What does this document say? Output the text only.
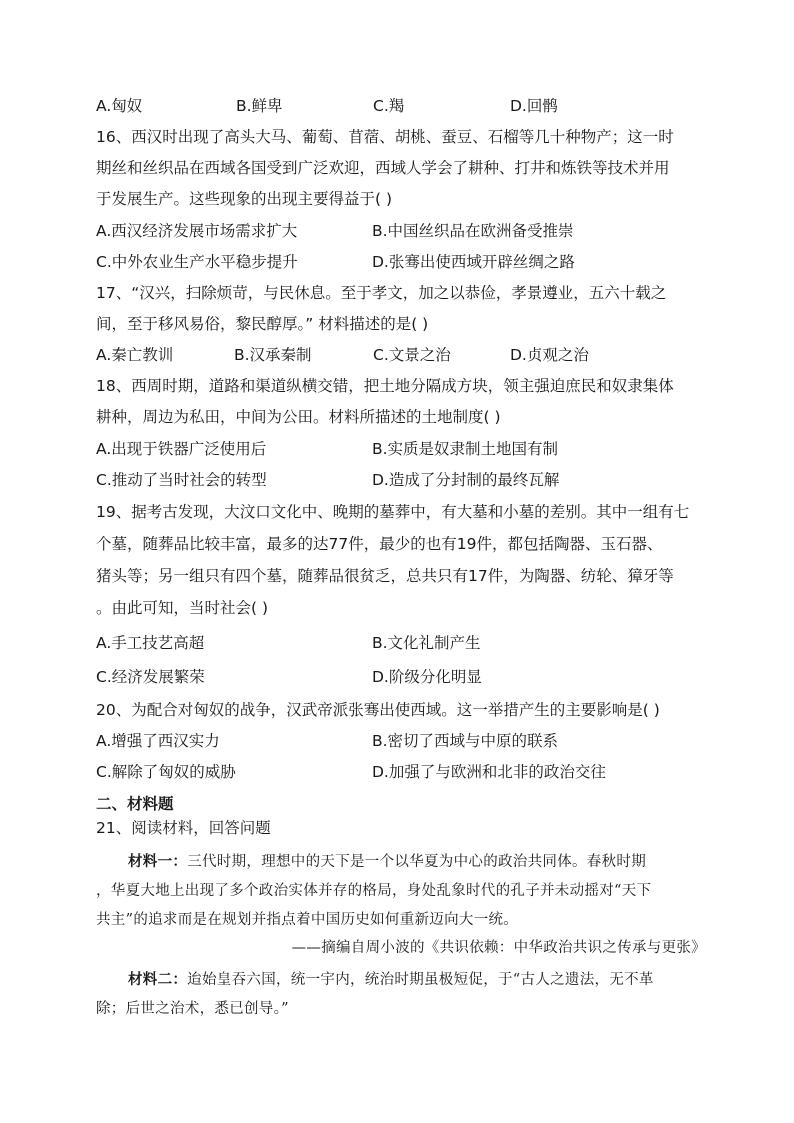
A.匈奴	B.鲜卑	C.羯	D.回鹘
16、西汉时出现了高头大马、葡萄、苜蓿、胡桃、蚕豆、石榴等几十种物产；这一时
期丝和丝织品在西域各国受到广泛欢迎，西域人学会了耕种、打井和炼铁等技术并用
于发展生产。这些现象的出现主要得益于( )
A.西汉经济发展市场需求扩大	B.中国丝织品在欧洲备受推崇
C.中外农业生产水平稳步提升	D.张骞出使西域开辟丝绸之路
17、“汉兴，扫除烦苛，与民休息。至于孝文，加之以恭俭，孝景遵业，五六十载之
间，至于移风易俗，黎民醇厚。” 材料描述的是( )
A.秦亡教训	B.汉承秦制	C.文景之治	D.贞观之治
18、西周时期，道路和渠道纵横交错，把土地分隔成方块，领主强迫庶民和奴隶集体
耕种，周边为私田，中间为公田。材料所描述的土地制度( )
A.出现于铁器广泛使用后	B.实质是奴隶制土地国有制
C.推动了当时社会的转型	D.造成了分封制的最终瓦解
19、据考古发现，大汶口文化中、晚期的墓葬中，有大墓和小墓的差别。其中一组有七
个墓，随葬品比较丰富，最多的达77件，最少的也有19件，都包括陶器、玉石器、
猪头等；另一组只有四个墓，随葬品很贫乏，总共只有17件，为陶器、纺轮、獐牙等
。由此可知，当时社会( )
A.手工技艺高超	B.文化礼制产生
C.经济发展繁荣	D.阶级分化明显
20、为配合对匈奴的战争，汉武帝派张骞出使西域。这一举措产生的主要影响是( )
A.增强了西汉实力	B.密切了西域与中原的联系
C.解除了匈奴的威胁	D.加强了与欧洲和北非的政治交往
二、材料题
21、阅读材料，回答问题
材料一：三代时期，理想中的天下是一个以华夏为中心的政治共同体。春秋时期
，华夏大地上出现了多个政治实体并存的格局，身处乱象时代的孔子并未动摇对“天下
共主”的追求而是在规划并指点着中国历史如何重新迈向大一统。
——摘编自周小波的《共识依赖：中华政治共识之传承与更张》
材料二：迨始皇吞六国，统一宇内，统治时期虽极短促，于“古人之遗法，无不革
除；后世之治术，悉已创导。”
